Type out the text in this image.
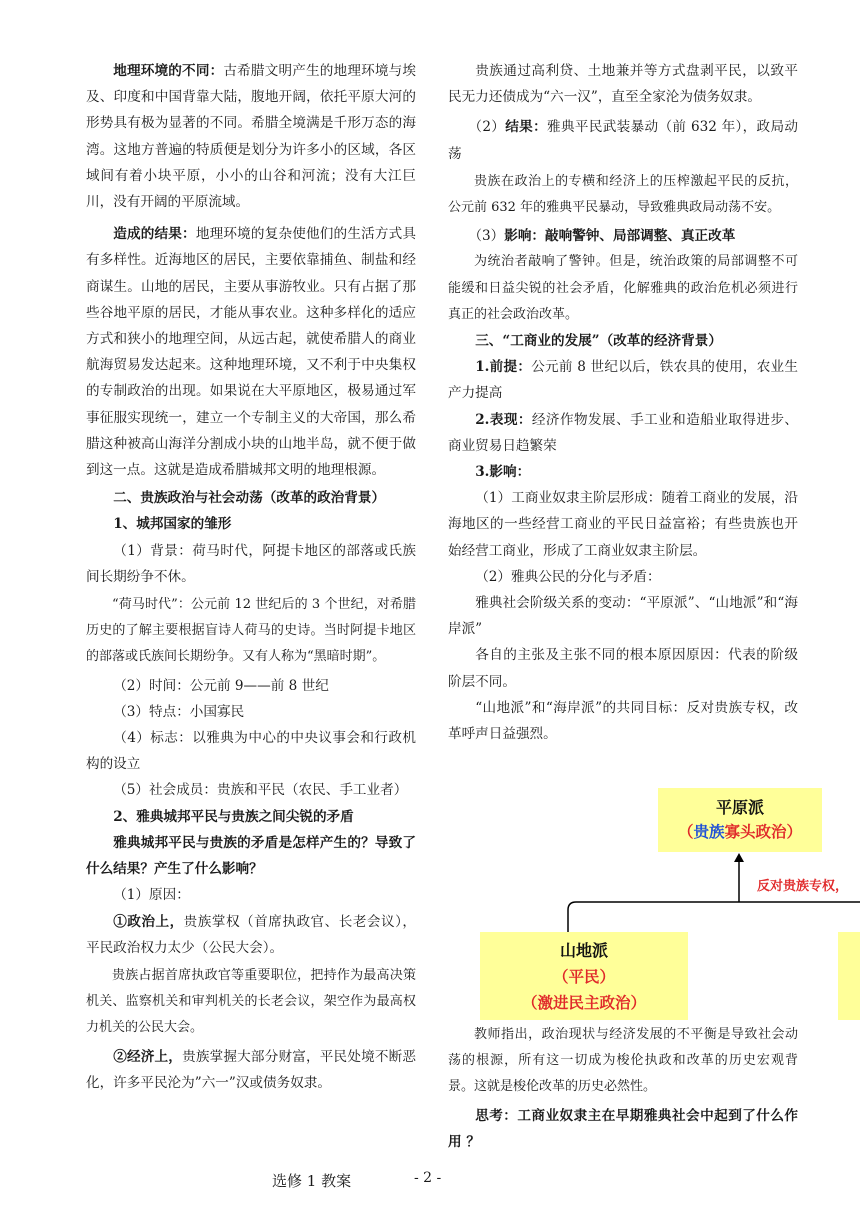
地理环境的不同：古希腊文明产生的地理环境与埃及、印度和中国背靠大陆，腹地开阔，依托平原大河的形势具有极为显著的不同。希腊全境满是千形万态的海湾。这地方普遍的特质便是划分为许多小的区域，各区域间有着小块平原，小小的山谷和河流；没有大江巨川，没有开阔的平原流域。

造成的结果：地理环境的复杂使他们的生活方式具有多样性。近海地区的居民，主要依靠捕鱼、制盐和经商谋生。山地的居民，主要从事游牧业。只有占据了那些谷地平原的居民，才能从事农业。这种多样化的适应方式和狭小的地理空间，从远古起，就使希腊人的商业航海贸易发达起来。这种地理环境，又不利于中央集权的专制政治的出现。如果说在大平原地区，极易通过军事征服实现统一，建立一个专制主义的大帝国，那么希腊这种被高山海洋分割成小块的山地半岛，就不便于做到这一点。这就是造成希腊城邦文明的地理根源。

二、贵族政治与社会动荡（改革的政治背景）

1、城邦国家的雏形

（1）背景：荷马时代，阿提卡地区的部落或氏族间长期纷争不休。

“荷马时代”：公元前 12 世纪后的 3 个世纪，对希腊历史的了解主要根据盲诗人荷马的史诗。当时阿提卡地区的部落或氏族间长期纷争。又有人称为“黑暗时期”。

（2）时间：公元前 9——前 8 世纪

（3）特点：小国寡民

（4）标志：以雅典为中心的中央议事会和行政机构的设立

（5）社会成员：贵族和平民（农民、手工业者）

2、雅典城邦平民与贵族之间尖锐的矛盾

雅典城邦平民与贵族的矛盾是怎样产生的？导致了什么结果？产生了什么影响？

（1）原因：

①政治上，贵族掌权（首席执政官、长老会议），平民政治权力太少（公民大会）。

贵族占据首席执政官等重要职位，把持作为最高决策机关、监察机关和审判机关的长老会议，架空作为最高权力机关的公民大会。

②经济上，贵族掌握大部分财富，平民处境不断恶化，许多平民沦为”六一”汉或债务奴隶。

贵族通过高利贷、土地兼并等方式盘剥平民，以致平民无力还债成为“六一汉”，直至全家沦为债务奴隶。

（2）结果：雅典平民武装暴动（前 632 年），政局动荡

贵族在政治上的专横和经济上的压榨激起平民的反抗，公元前 632 年的雅典平民暴动，导致雅典政局动荡不安。

（3）影响：敲响警钟、局部调整、真正改革

为统治者敲响了警钟。但是，统治政策的局部调整不可能缓和日益尖锐的社会矛盾，化解雅典的政治危机必须进行真正的社会政治改革。

三、“工商业的发展”（改革的经济背景）

1.前提：公元前 8 世纪以后，铁农具的使用，农业生产力提高

2.表现：经济作物发展、手工业和造船业取得进步、商业贸易日趋繁荣

3.影响：

（1）工商业奴隶主阶层形成：随着工商业的发展，沿海地区的一些经营工商业的平民日益富裕；有些贵族也开始经营工商业，形成了工商业奴隶主阶层。

（2）雅典公民的分化与矛盾：

雅典社会阶级关系的变动：“平原派”、“山地派”和“海岸派”

各自的主张及主张不同的根本原因原因：代表的阶级阶层不同。

“山地派”和“海岸派”的共同目标：反对贵族专权，改革呼声日益强烈。

平原派
（贵族寡头政治）
反对贵族专权，
山地派
（平民）
（激进民主政治）

教师指出，政治现状与经济发展的不平衡是导致社会动荡的根源，所有这一切成为梭伦执政和改革的历史宏观背景。这就是梭伦改革的历史必然性。

思考：工商业奴隶主在早期雅典社会中起到了什么作用 ？

选修 1 教案	- 2 -
